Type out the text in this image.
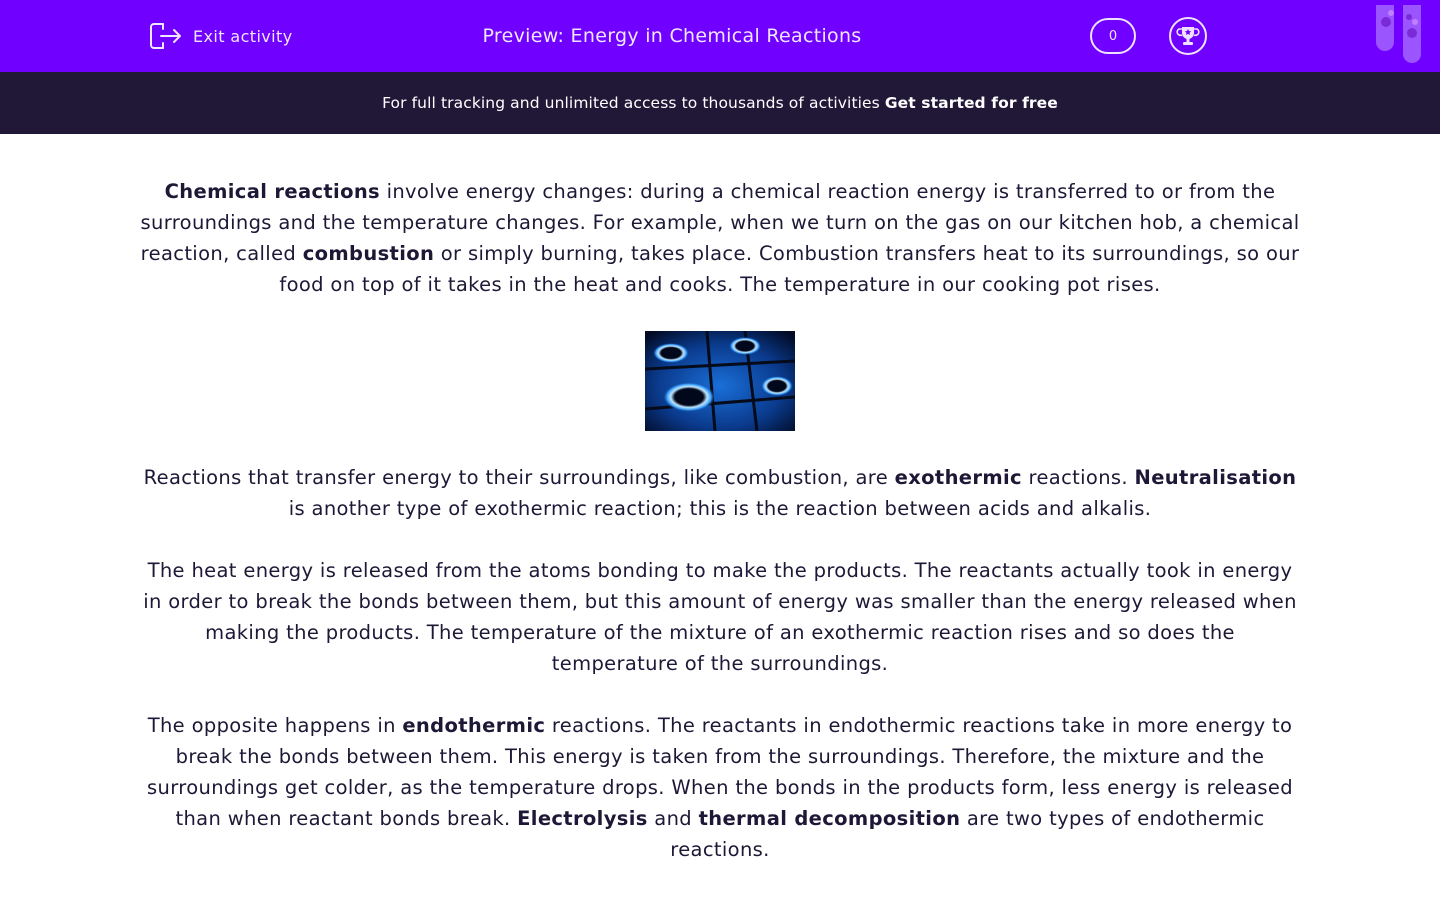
Preview: Energy in Chemical Reactions
Exit activity	0
For full tracking and unlimited access to thousands of activities Get started for free

Chemical reactions involve energy changes: during a chemical reaction energy is transferred to or from the surroundings and the temperature changes. For example, when we turn on the gas on our kitchen hob, a chemical reaction, called combustion or simply burning, takes place. Combustion transfers heat to its surroundings, so our food on top of it takes in the heat and cooks. The temperature in our cooking pot rises.

Reactions that transfer energy to their surroundings, like combustion, are exothermic reactions. Neutralisation is another type of exothermic reaction; this is the reaction between acids and alkalis.

The heat energy is released from the atoms bonding to make the products. The reactants actually took in energy in order to break the bonds between them, but this amount of energy was smaller than the energy released when making the products. The temperature of the mixture of an exothermic reaction rises and so does the temperature of the surroundings.

The opposite happens in endothermic reactions. The reactants in endothermic reactions take in more energy to break the bonds between them. This energy is taken from the surroundings. Therefore, the mixture and the surroundings get colder, as the temperature drops. When the bonds in the products form, less energy is released than when reactant bonds break. Electrolysis and thermal decomposition are two types of endothermic reactions.
